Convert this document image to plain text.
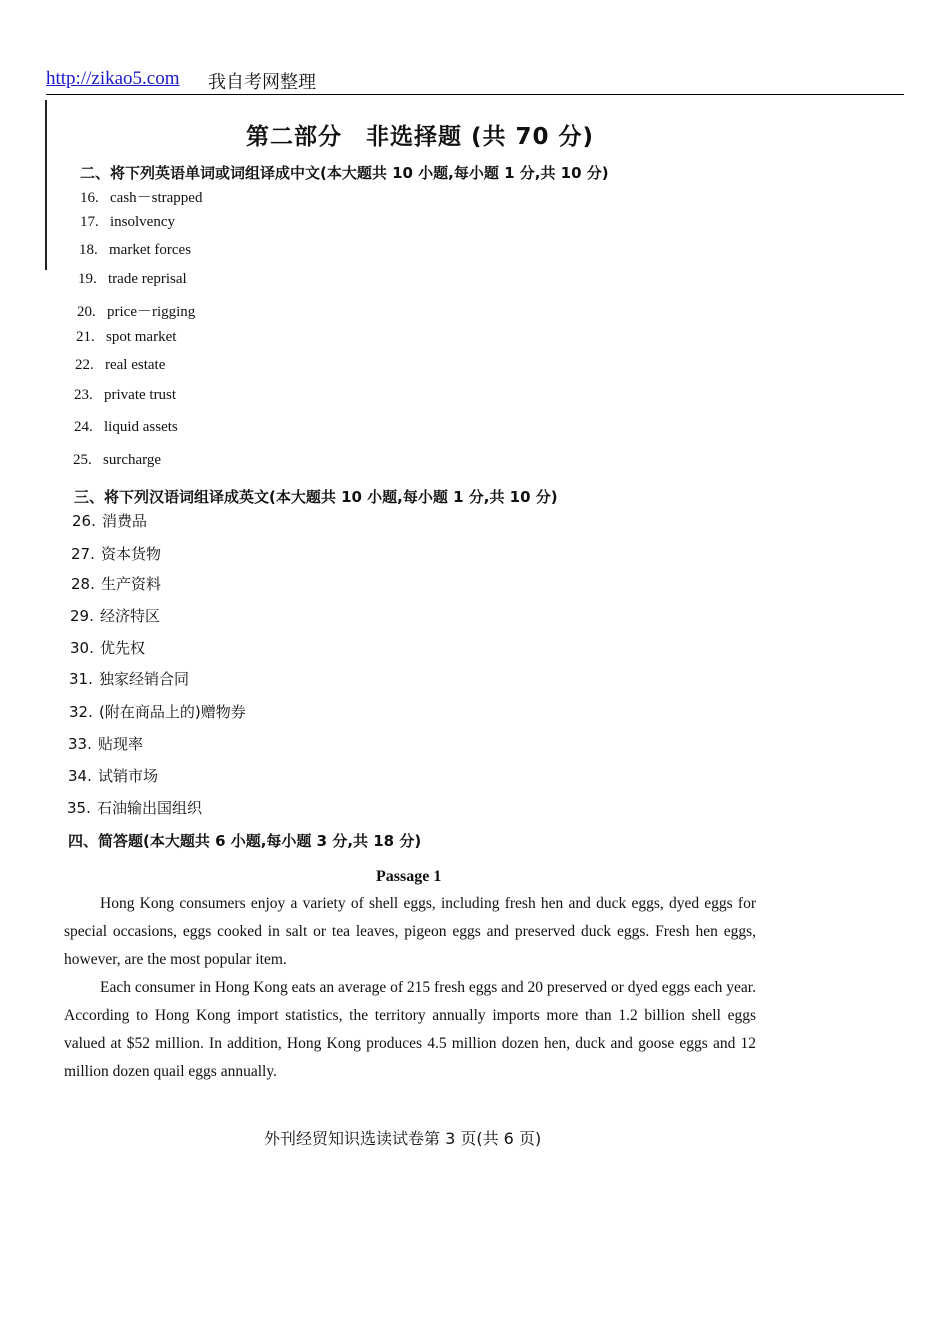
http://zikao5.com 我自考网整理
第二部分　非选择题 (共 70 分)
二、将下列英语单词或词组译成中文(本大题共 10 小题,每小题 1 分,共 10 分)
16. cash－strapped
17. insolvency
18. market forces
19. trade reprisal
20. price－rigging
21. spot market
22. real estate
23. private trust
24. liquid assets
25. surcharge
三、将下列汉语词组译成英文(本大题共 10 小题,每小题 1 分,共 10 分)
26. 消费品
27. 资本货物
28. 生产资料
29. 经济特区
30. 优先权
31. 独家经销合同
32. (附在商品上的)赠物券
33. 贴现率
34. 试销市场
35. 石油输出国组织
四、简答题(本大题共 6 小题,每小题 3 分,共 18 分)
Passage 1

Hong Kong consumers enjoy a variety of shell eggs, including fresh hen and duck eggs, dyed eggs for special occasions, eggs cooked in salt or tea leaves, pigeon eggs and preserved duck eggs. Fresh hen eggs, however, are the most popular item.

Each consumer in Hong Kong eats an average of 215 fresh eggs and 20 preserved or dyed eggs each year. According to Hong Kong import statistics, the territory annually imports more than 1.2 billion shell eggs valued at $52 million. In addition, Hong Kong produces 4.5 million dozen hen, duck and goose eggs and 12 million dozen quail eggs annually.

外刊经贸知识选读试卷第 3 页(共 6 页)
